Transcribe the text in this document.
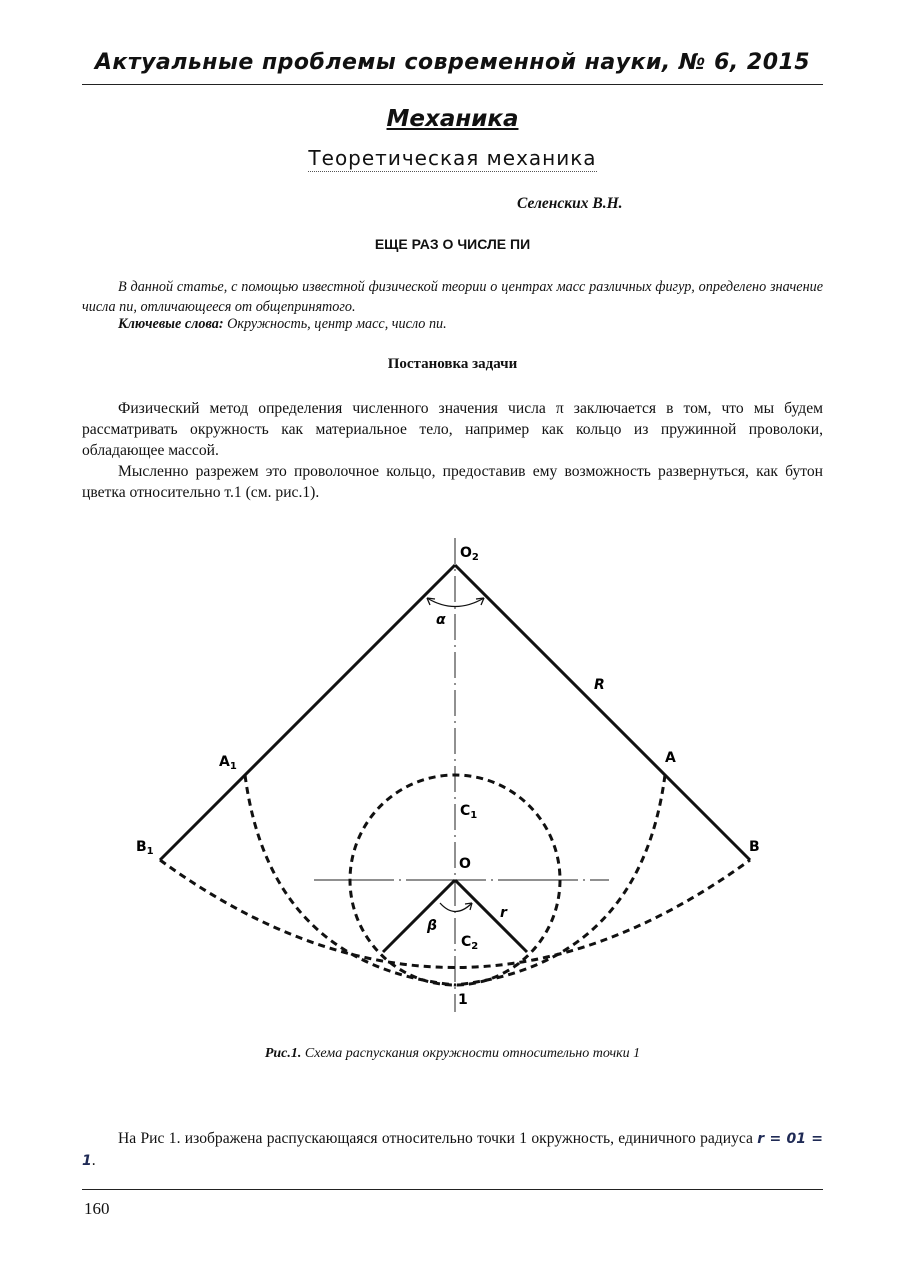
Актуальные проблемы современной науки, № 6, 2015
Механика
Теоретическая механика
Селенских В.Н.
ЕЩЕ РАЗ О ЧИСЛЕ ПИ

В данной статье, с помощью известной физической теории о центрах масс различных фигур, определено значение числа пи, отличающееся от общепринятого.

Ключевые слова: Окружность, центр масс, число пи.
Постановка задачи

Физический метод определения численного значения числа π заключается в том, что мы будем рассматривать окружность как материальное тело, например как кольцо из пружинной проволоки, обладающее массой.

Мысленно разрежем это проволочное кольцо, предоставив ему возможность развернуться, как бутон цветка относительно т.1 (см. рис.1).

$O_2$
α
R
$A_1$
A
$B_1$	B
$C_1$
O
β
r
$C_2$
1
Рис.1. Схема распускания окружности относительно точки 1

На Рис 1. изображена распускающаяся относительно точки 1 окружность, единичного радиуса r = 01 = 1.

160
